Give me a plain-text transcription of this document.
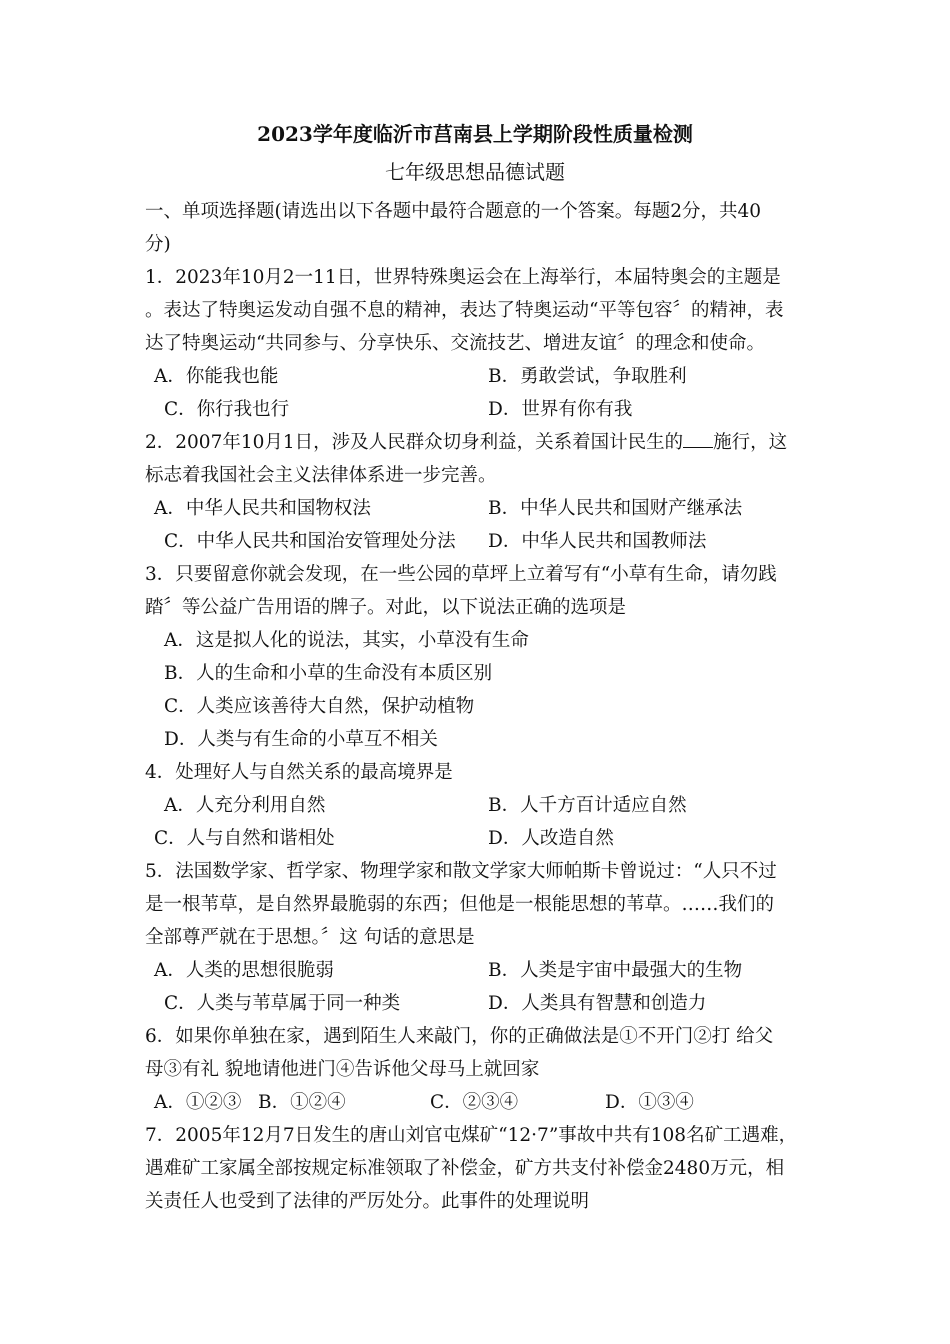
2023学年度临沂市莒南县上学期阶段性质量检测
七年级思想品德试题
一、单项选择题(请选出以下各题中最符合题意的一个答案。每题2分，共40
分)
1．2023年10月2一11日，世界特殊奥运会在上海举行，本届特奥会的主题是
。表达了特奥运发动自强不息的精神，表达了特奥运动“平等包容〞的精神，表
达了特奥运动“共同参与、分享快乐、交流技艺、增进友谊〞的理念和使命。
A．你能我也能	B．勇敢尝试，争取胜利
C．你行我也行	D．世界有你有我
2．2007年10月1日，涉及人民群众切身利益，关系着国计民生的 施行，这
标志着我国社会主义法律体系进一步完善。
A．中华人民共和国物权法	B．中华人民共和国财产继承法
C．中华人民共和国治安管理处分法 D．中华人民共和国教师法
3．只要留意你就会发现，在一些公园的草坪上立着写有“小草有生命，请勿践
踏〞等公益广告用语的牌子。对此，以下说法正确的选项是
A．这是拟人化的说法，其实，小草没有生命
B．人的生命和小草的生命没有本质区别
C．人类应该善待大自然，保护动植物
D．人类与有生命的小草互不相关
4．处理好人与自然关系的最高境界是
A．人充分利用自然	B．人千方百计适应自然
C．人与自然和谐相处	D．人改造自然
5．法国数学家、哲学家、物理学家和散文学家大师帕斯卡曾说过：“人只不过
是一根苇草，是自然界最脆弱的东西；但他是一根能思想的苇草。……我们的
全部尊严就在于思想。〞这 句话的意思是
A．人类的思想很脆弱	B．人类是宇宙中最强大的生物
C．人类与苇草属于同一种类	D．人类具有智慧和创造力
6．如果你单独在家，遇到陌生人来敲门，你的正确做法是①不开门②打 给父
母③有礼 貌地请他进门④告诉他父母马上就回家
A．①②③ B．①②④	C．②③④	D．①③④
7．2005年12月7日发生的唐山刘官屯煤矿“12·7”事故中共有108名矿工遇难，
遇难矿工家属全部按规定标准领取了补偿金，矿方共支付补偿金2480万元，相
关责任人也受到了法律的严厉处分。此事件的处理说明
